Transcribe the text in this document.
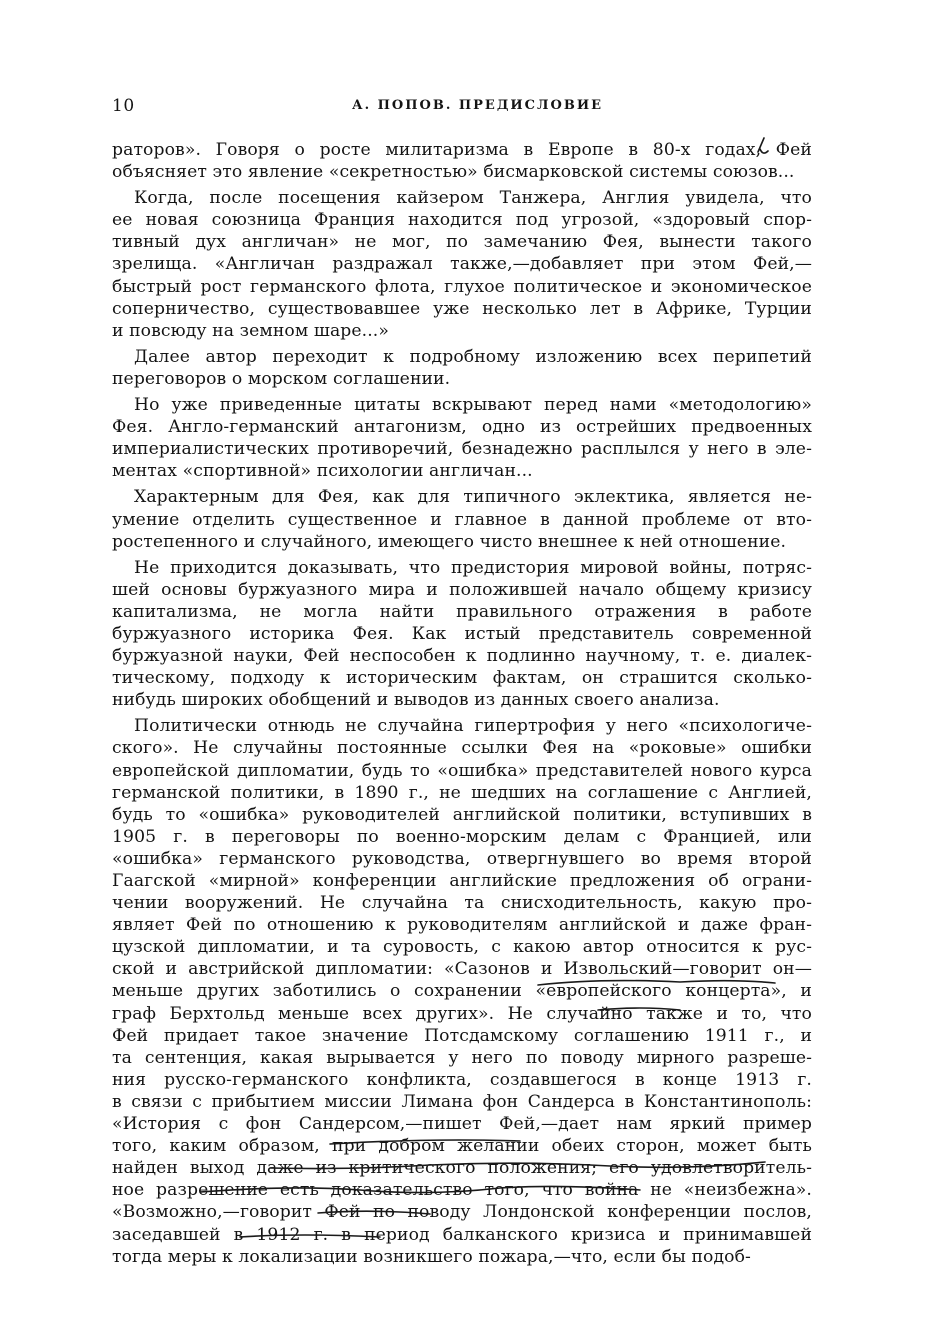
10	А. ПОПОВ. ПРЕДИСЛОВИЕ
раторов». Говоря о росте милитаризма в Европе в 80-х годах, Фей
объясняет это явление «секретностью» бисмарковской системы союзов...
Когда, после посещения кайзером Танжера, Англия увидела, что
ее новая союзница Франция находится под угрозой, «здоровый спор-
тивный дух англичан» не мог, по замечанию Фея, вынести такого
зрелища. «Англичан раздражал также,—добавляет при этом Фей,—
быстрый рост германского флота, глухое политическое и экономическое
соперничество, существовавшее уже несколько лет в Африке, Турции
и повсюду на земном шаре...»
Далее автор переходит к подробному изложению всех перипетий
переговоров о морском соглашении.
Но уже приведенные цитаты вскрывают перед нами «методологию»
Фея. Англо-германский антагонизм, одно из острейших предвоенных
империалистических противоречий, безнадежно расплылся у него в эле-
ментах «спортивной» психологии англичан...
Характерным для Фея, как для типичного эклектика, является не-
умение отделить существенное и главное в данной проблеме от вто-
ростепенного и случайного, имеющего чисто внешнее к ней отношение.
Не приходится доказывать, что предистория мировой войны, потряс-
шей основы буржуазного мира и положившей начало общему кризису
капитализма, не могла найти правильного отражения в работе
буржуазного историка Фея. Как истый представитель современной
буржуазной науки, Фей неспособен к подлинно научному, т. е. диалек-
тическому, подходу к историческим фактам, он страшится сколько-
нибудь широких обобщений и выводов из данных своего анализа.
Политически отнюдь не случайна гипертрофия у него «психологиче-
ского». Не случайны постоянные ссылки Фея на «роковые» ошибки
европейской дипломатии, будь то «ошибка» представителей нового курса
германской политики, в 1890 г., не шедших на соглашение с Англией,
будь то «ошибка» руководителей английской политики, вступивших в
1905 г. в переговоры по военно-морским делам с Францией, или
«ошибка» германского руководства, отвергнувшего во время второй
Гаагской «мирной» конференции английские предложения об ограни-
чении вооружений. Не случайна та снисходительность, какую про-
являет Фей по отношению к руководителям английской и даже фран-
цузской дипломатии, и та суровость, с какою автор относится к рус-
ской и австрийской дипломатии: «Сазонов и Извольский—говорит он—
меньше других заботились о сохранении «европейского концерта», и
граф Берхтольд меньше всех других». Не случайно также и то, что
Фей придает такое значение Потсдамскому соглашению 1911 г., и
та сентенция, какая вырывается у него по поводу мирного разреше-
ния русско-германского конфликта, создавшегося в конце 1913 г.
в связи с прибытием миссии Лимана фон Сандерса в Константинополь:
«История с фон Сандерсом,—пишет Фей,—дает нам яркий пример
того, каким образом, при добром желании обеих сторон, может быть
найден выход даже из критического положения; его удовлетворитель-
ное разрешение есть доказательство того, что война не «неизбежна».
«Возможно,—говорит Фей по поводу Лондонской конференции послов,
заседавшей в 1912 г. в период балканского кризиса и принимавшей
тогда меры к локализации возникшего пожара,—что, если бы подоб-
